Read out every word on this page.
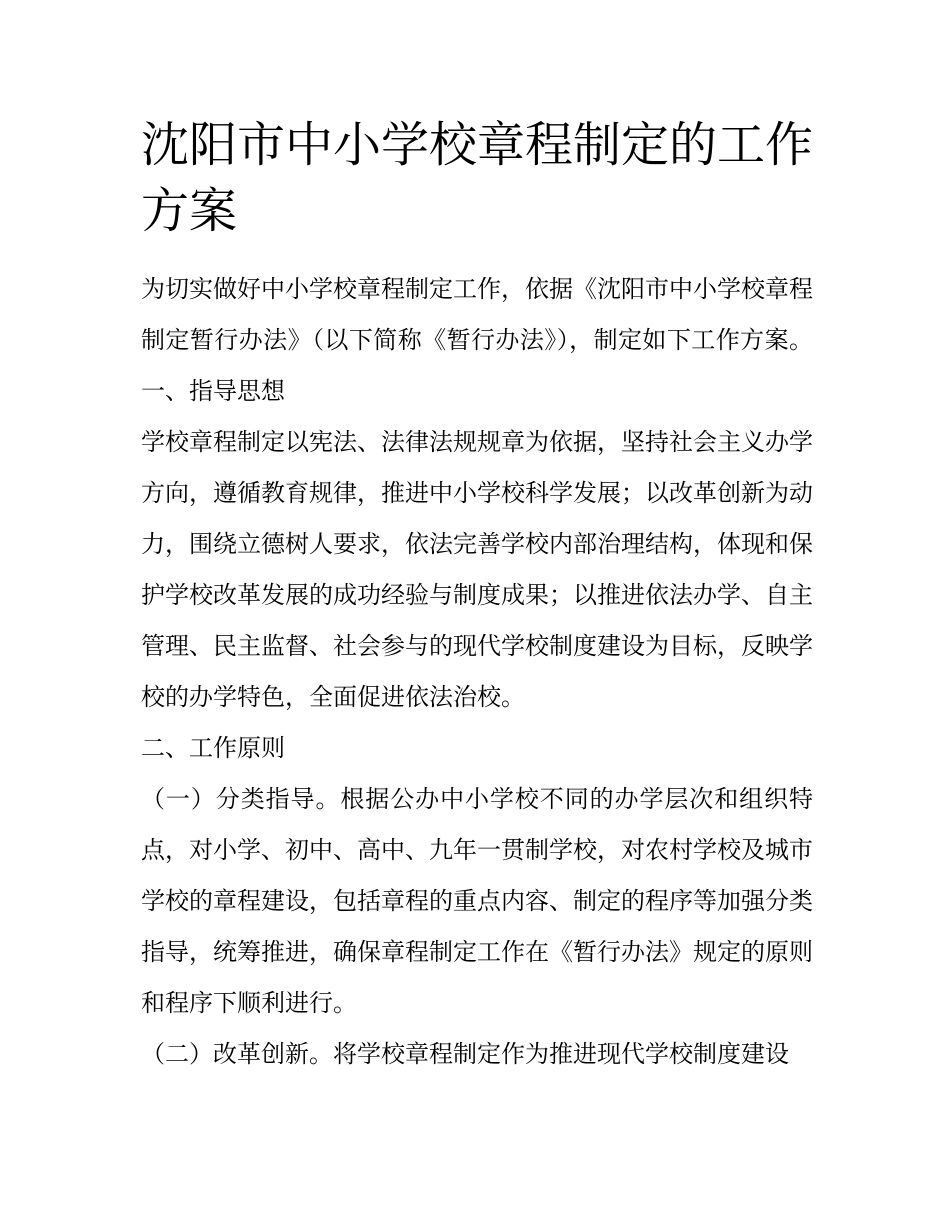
沈阳市中小学校章程制定的工作方案

为切实做好中小学校章程制定工作，依据《沈阳市中小学校章程制定暂行办法》（以下简称《暂行办法》），制定如下工作方案。 一、指导思想

学校章程制定以宪法、法律法规规章为依据，坚持社会主义办学方向，遵循教育规律，推进中小学校科学发展；以改革创新为动力，围绕立德树人要求，依法完善学校内部治理结构，体现和保护学校改革发展的成功经验与制度成果；以推进依法办学、自主管理、民主监督、社会参与的现代学校制度建设为目标，反映学校的办学特色，全面促进依法治校。

二、工作原则

（一）分类指导。根据公办中小学校不同的办学层次和组织特点，对小学、初中、高中、九年一贯制学校，对农村学校及城市学校的章程建设，包括章程的重点内容、制定的程序等加强分类指导，统筹推进，确保章程制定工作在《暂行办法》规定的原则和程序下顺利进行。

（二）改革创新。将学校章程制定作为推进现代学校制度建设
